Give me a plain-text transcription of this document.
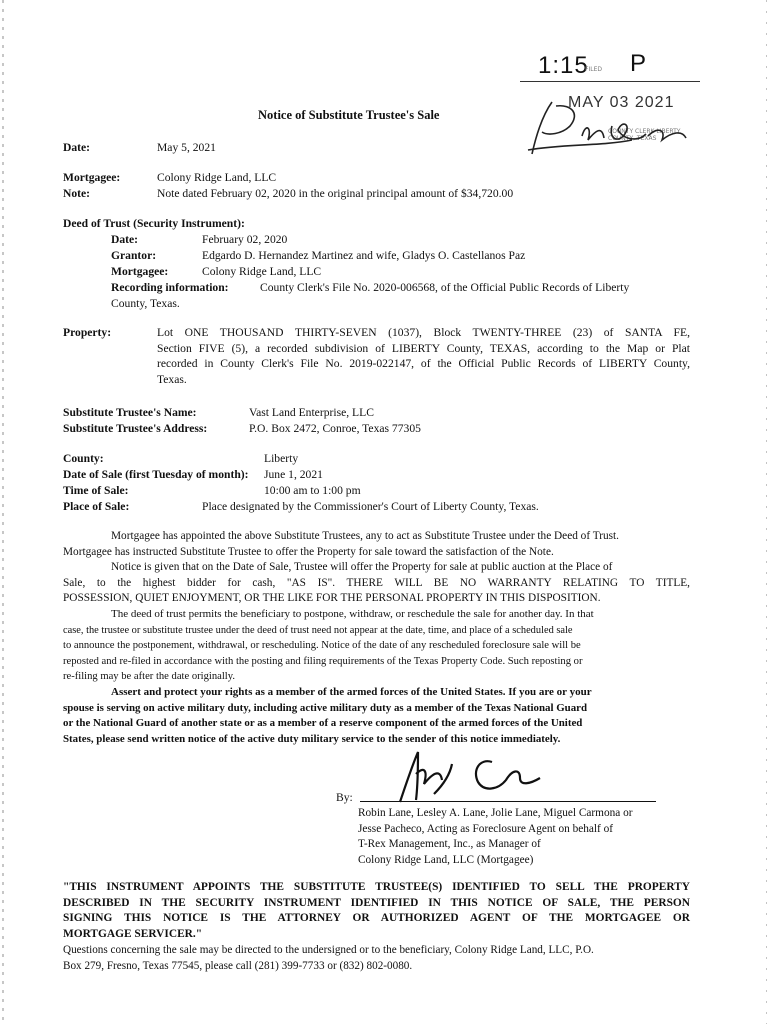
1:15
FILED P
MAY 03 2021
COUNTY CLERK LIBERTY COUNTY, TEXAS
Notice of Substitute Trustee's Sale
Date:	May 5, 2021
Mortgagee:	Colony Ridge Land, LLC
Note:	Note dated February 02, 2020 in the original principal amount of $34,720.00
Deed of Trust (Security Instrument):
Date:	February 02, 2020
Grantor:	Edgardo D. Hernandez Martinez and wife, Gladys O. Castellanos Paz
Mortgagee:	Colony Ridge Land, LLC
Recording information:	County Clerk's File No. 2020-006568, of the Official Public Records of Liberty
County, Texas.
Property:	Lot ONE THOUSAND THIRTY-SEVEN (1037), Block TWENTY-THREE (23) of SANTA FE,
Section FIVE (5), a recorded subdivision of LIBERTY County, TEXAS, according to the Map or Plat
recorded in County Clerk's File No. 2019-022147, of the Official Public Records of LIBERTY County,
Texas.
Substitute Trustee's Name:	Vast Land Enterprise, LLC
Substitute Trustee's Address:	P.O. Box 2472, Conroe, Texas 77305
County:	Liberty
Date of Sale (first Tuesday of month): June 1, 2021
Time of Sale:	10:00 am to 1:00 pm
Place of Sale:	Place designated by the Commissioner's Court of Liberty County, Texas.
Mortgagee has appointed the above Substitute Trustees, any to act as Substitute Trustee under the Deed of Trust.
Mortgagee has instructed Substitute Trustee to offer the Property for sale toward the satisfaction of the Note.
Notice is given that on the Date of Sale, Trustee will offer the Property for sale at public auction at the Place of
Sale, to the highest bidder for cash, "AS IS". THERE WILL BE NO WARRANTY RELATING TO TITLE,
POSSESSION, QUIET ENJOYMENT, OR THE LIKE FOR THE PERSONAL PROPERTY IN THIS DISPOSITION.
The deed of trust permits the beneficiary to postpone, withdraw, or reschedule the sale for another day. In that
case, the trustee or substitute trustee under the deed of trust need not appear at the date, time, and place of a scheduled sale
to announce the postponement, withdrawal, or rescheduling. Notice of the date of any rescheduled foreclosure sale will be
reposted and re-filed in accordance with the posting and filing requirements of the Texas Property Code. Such reposting or
re-filing may be after the date originally.
Assert and protect your rights as a member of the armed forces of the United States. If you are or your
spouse is serving on active military duty, including active military duty as a member of the Texas National Guard
or the National Guard of another state or as a member of a reserve component of the armed forces of the United
States, please send written notice of the active duty military service to the sender of this notice immediately.
By:
Robin Lane, Lesley A. Lane, Jolie Lane, Miguel Carmona or
Jesse Pacheco, Acting as Foreclosure Agent on behalf of
T-Rex Management, Inc., as Manager of
Colony Ridge Land, LLC (Mortgagee)
"THIS INSTRUMENT APPOINTS THE SUBSTITUTE TRUSTEE(S) IDENTIFIED TO SELL THE PROPERTY
DESCRIBED IN THE SECURITY INSTRUMENT IDENTIFIED IN THIS NOTICE OF SALE, THE PERSON
SIGNING THIS NOTICE IS THE ATTORNEY OR AUTHORIZED AGENT OF THE MORTGAGEE OR
MORTGAGE SERVICER."
Questions concerning the sale may be directed to the undersigned or to the beneficiary, Colony Ridge Land, LLC, P.O.
Box 279, Fresno, Texas 77545, please call (281) 399-7733 or (832) 802-0080.
